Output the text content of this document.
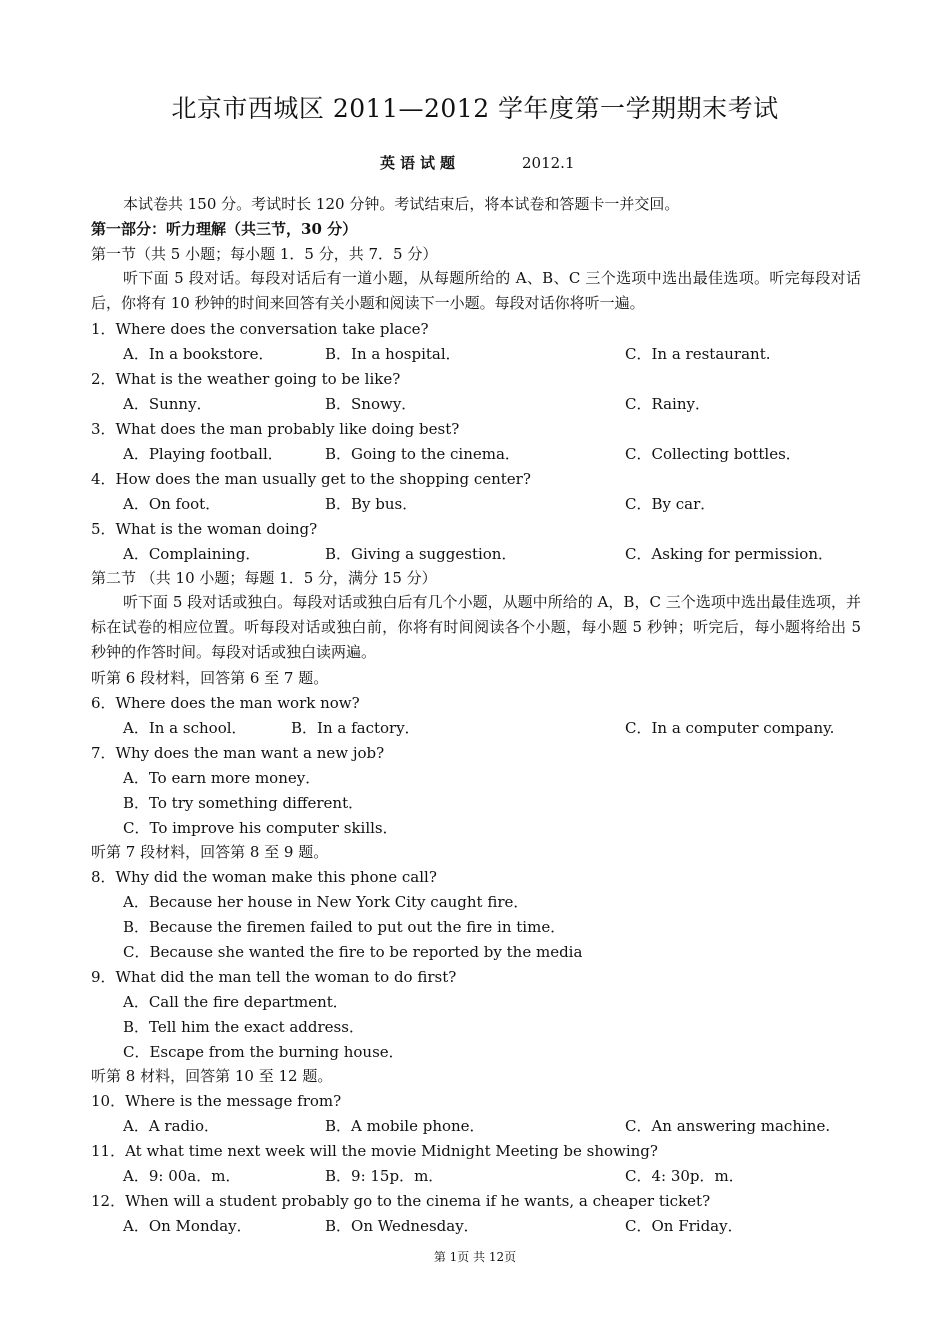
北京市西城区 2011—2012 学年度第一学期期末考试
英语试题	2012.1
本试卷共 150 分。考试时长 120 分钟。考试结束后，将本试卷和答题卡一并交回。
第一部分：听力理解（共三节，30 分）
第一节（共 5 小题；每小题 1．5 分，共 7．5 分）
听下面 5 段对话。每段对话后有一道小题，从每题所给的 A、B、C 三个选项中选出最佳选项。听完每段对话后，你将有 10 秒钟的时间来回答有关小题和阅读下一小题。每段对话你将听一遍。
1．Where does the conversation take place?
A．In a bookstore．	B．In a hospital．	C．In a restaurant.
2．What is the weather going to be like?
A．Sunny．	B．Snowy．	C．Rainy．
3．What does the man probably like doing best?
A．Playing football．	B．Going to the cinema．	C．Collecting bottles．
4．How does the man usually get to the shopping center?
A．On foot．	B．By bus．	C．By car．
5．What is the woman doing?
A．Complaining．	B．Giving a suggestion．	C．Asking for permission．
第二节 （共 10 小题；每题 1．5 分，满分 15 分）
听下面 5 段对话或独白。每段对话或独白后有几个小题，从题中所给的 A，B，C 三个选项中选出最佳选项，并标在试卷的相应位置。听每段对话或独白前，你将有时间阅读各个小题，每小题 5 秒钟；听完后，每小题将给出 5 秒钟的作答时间。每段对话或独白读两遍。
听第 6 段材料，回答第 6 至 7 题。
6．Where does the man work now?
A．In a school．	B．In a factory．	C．In a computer company.
7．Why does the man want a new job?
A．To earn more money．
B．To try something different．
C．To improve his computer skills．
听第 7 段材料，回答第 8 至 9 题。
8．Why did the woman make this phone call?
A．Because her house in New York City caught fire．
B．Because the firemen failed to put out the fire in time．
C．Because she wanted the fire to be reported by the media
9．What did the man tell the woman to do first?
A．Call the fire department．
B．Tell him the exact address．
C．Escape from the burning house．
听第 8 材料，回答第 10 至 12 题。
10．Where is the message from?
A．A radio．	B．A mobile phone．	C．An answering machine.
11．At what time next week will the movie Midnight Meeting be showing?
A．9: 00a．m．	B．9: 15p．m．	C．4: 30p．m．
12．When will a student probably go to the cinema if he wants, a cheaper ticket?
A．On Monday．	B．On Wednesday．	C．On Friday．
第 1页 共 12页
